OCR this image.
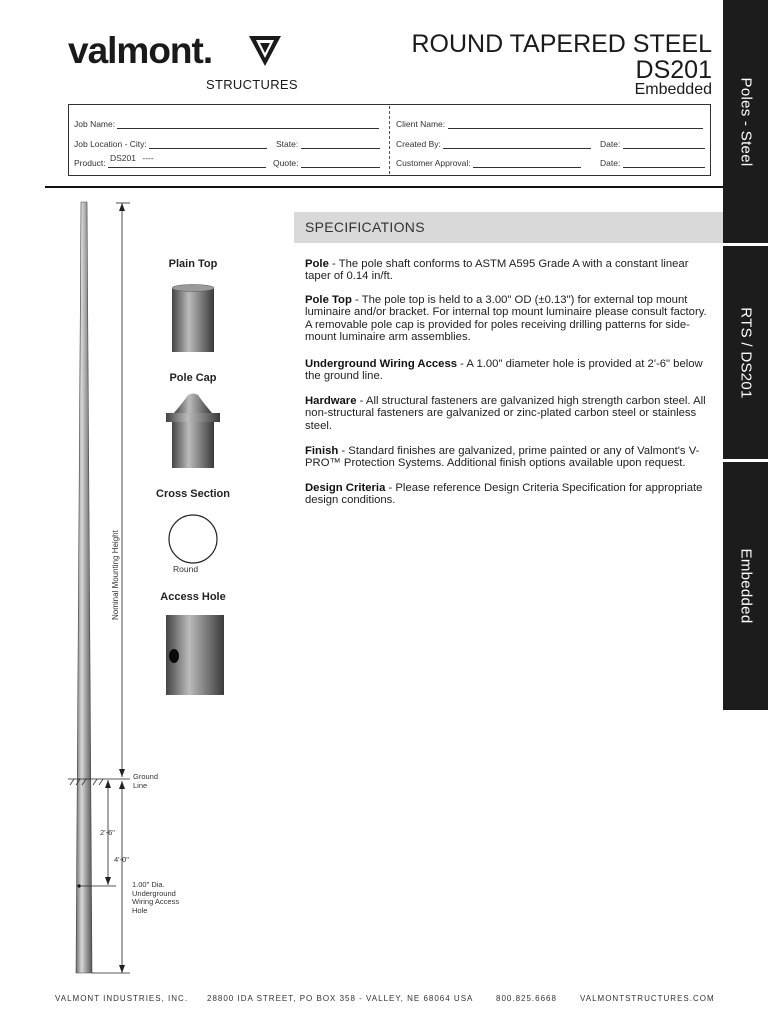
valmont.
STRUCTURES
ROUND TAPERED STEEL
DS201
Embedded Poles - Steel
RTS / DS201
Embedded
Job Name:
Job Location - City:	State:
Product: DS201 ----	Quote:
Client Name:
Created By:	Date:
Customer Approval:	Date:
Nominal Mounting Height
Ground
Line
2'-6"
4'-0"
1.00" Dia.
Underground
Wiring Access
Hole
Plain Top
Pole Cap
Cross Section
Round
Access Hole
SPECIFICATIONS
Pole - The pole shaft conforms to ASTM A595 Grade A with a constant linear taper of 0.14 in/ft.
Pole Top - The pole top is held to a 3.00" OD (±0.13") for external top mount luminaire and/or bracket. For internal top mount luminaire please consult factory. A removable pole cap is provided for poles receiving drilling patterns for side-mount luminaire arm assemblies.
Underground Wiring Access - A 1.00" diameter hole is provided at 2'-6" below the ground line.
Hardware - All structural fasteners are galvanized high strength carbon steel. All non-structural fasteners are galvanized or zinc-plated carbon steel or stainless steel.
Finish - Standard finishes are galvanized, prime painted or any of Valmont's V-PRO™ Protection Systems. Additional finish options available upon request.
Design Criteria - Please reference Design Criteria Specification for appropriate design conditions.
VALMONT INDUSTRIES, INC. 28800 IDA STREET, PO BOX 358 - VALLEY, NE 68064 USA	800.825.6668	VALMONTSTRUCTURES.COM
